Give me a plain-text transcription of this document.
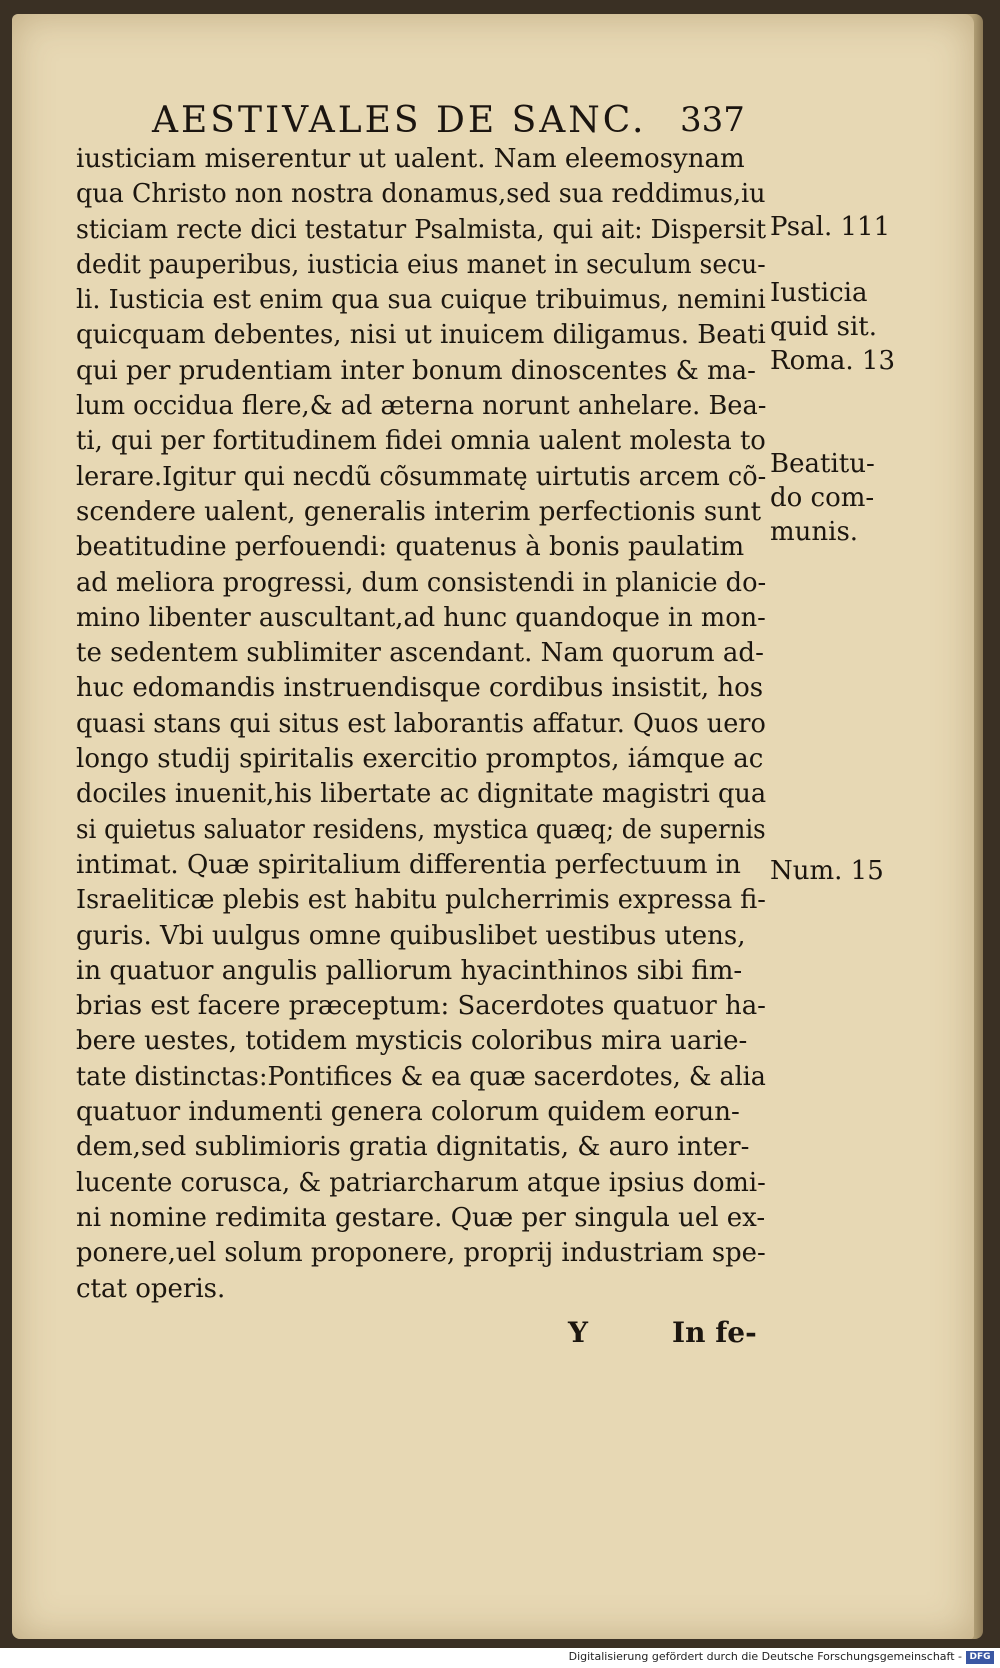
AESTIVALES DE SANC. 337
iusticiam miserentur ut ualent. Nam eleemosynam
qua Christo non nostra donamus,sed sua reddimus,iu
sticiam recte dici testatur Psalmista, qui ait: Dispersit
dedit pauperibus, iusticia eius manet in seculum secu-
li. Iusticia est enim qua sua cuique tribuimus, nemini
quicquam debentes, nisi ut inuicem diligamus. Beati
qui per prudentiam inter bonum dinoscentes & ma-
lum occidua flere,& ad æterna norunt anhelare. Bea-
ti, qui per fortitudinem fidei omnia ualent molesta to
lerare.Igitur qui necdũ cõsummatę uirtutis arcem cõ-
scendere ualent, generalis interim perfectionis sunt
beatitudine perfouendi: quatenus à bonis paulatim
ad meliora progressi, dum consistendi in planicie do-
mino libenter auscultant,ad hunc quandoque in mon-
te sedentem sublimiter ascendant. Nam quorum ad-
huc edomandis instruendisque cordibus insistit, hos
quasi stans qui situs est laborantis affatur. Quos uero
longo studij spiritalis exercitio promptos, iámque ac
dociles inuenit,his libertate ac dignitate magistri qua
si quietus saluator residens, mystica quæq; de supernis
intimat. Quæ spiritalium differentia perfectuum in
Israeliticæ plebis est habitu pulcherrimis expressa fi-
guris. Vbi uulgus omne quibuslibet uestibus utens,
in quatuor angulis palliorum hyacinthinos sibi fim-
brias est facere præceptum: Sacerdotes quatuor ha-
bere uestes, totidem mysticis coloribus mira uarie-
tate distinctas:Pontifices & ea quæ sacerdotes, & alia
quatuor indumenti genera colorum quidem eorun-
dem,sed sublimioris gratia dignitatis, & auro inter-
lucente corusca, & patriarcharum atque ipsius domi-
ni nomine redimita gestare. Quæ per singula uel ex-
ponere,uel solum proponere, proprij industriam spe-
ctat operis.
Psal. 111
Iusticia
quid sit.
Roma. 13
Beatitu-
do com-
munis.
Num. 15
Y	In fe-
Digitalisierung gefördert durch die Deutsche Forschungsgemeinschaft - DFG
